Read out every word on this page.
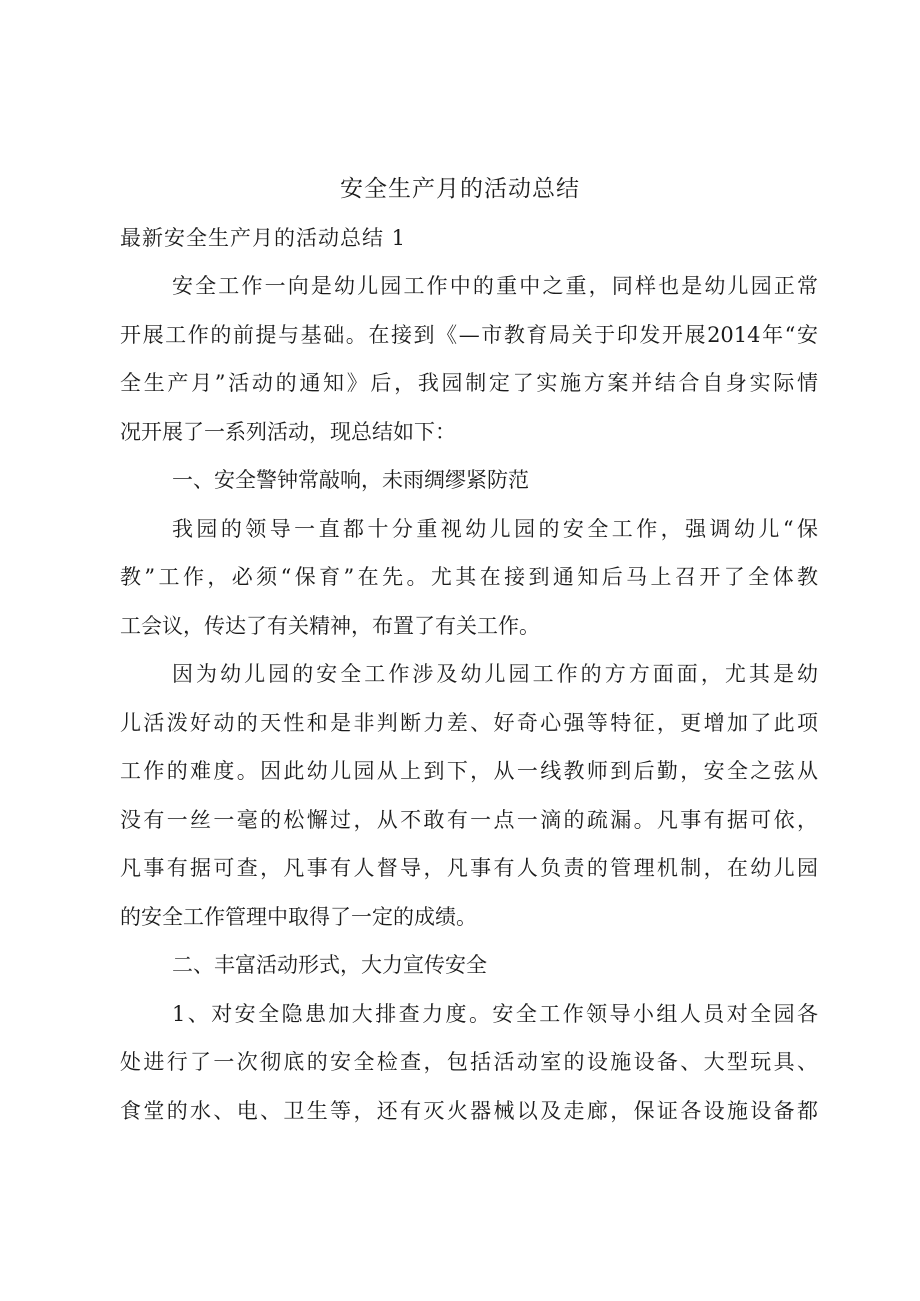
安全生产月的活动总结
最新安全生产月的活动总结 1
安全工作一向是幼儿园工作中的重中之重，同样也是幼儿园正常
开展工作的前提与基础。在接到《—市教育局关于印发开展2014年“安
全生产月”活动的通知》后，我园制定了实施方案并结合自身实际情
况开展了一系列活动，现总结如下：
一、安全警钟常敲响，未雨绸缪紧防范
我园的领导一直都十分重视幼儿园的安全工作，强调幼儿“保
教”工作，必须“保育”在先。尤其在接到通知后马上召开了全体教
工会议，传达了有关精神，布置了有关工作。
因为幼儿园的安全工作涉及幼儿园工作的方方面面，尤其是幼
儿活泼好动的天性和是非判断力差、好奇心强等特征，更增加了此项
工作的难度。因此幼儿园从上到下，从一线教师到后勤，安全之弦从
没有一丝一毫的松懈过，从不敢有一点一滴的疏漏。凡事有据可依，
凡事有据可查，凡事有人督导，凡事有人负责的管理机制，在幼儿园
的安全工作管理中取得了一定的成绩。
二、丰富活动形式，大力宣传安全
1、对安全隐患加大排查力度。安全工作领导小组人员对全园各
处进行了一次彻底的安全检查，包括活动室的设施设备、大型玩具、
食堂的水、电、卫生等，还有灭火器械以及走廊，保证各设施设备都
